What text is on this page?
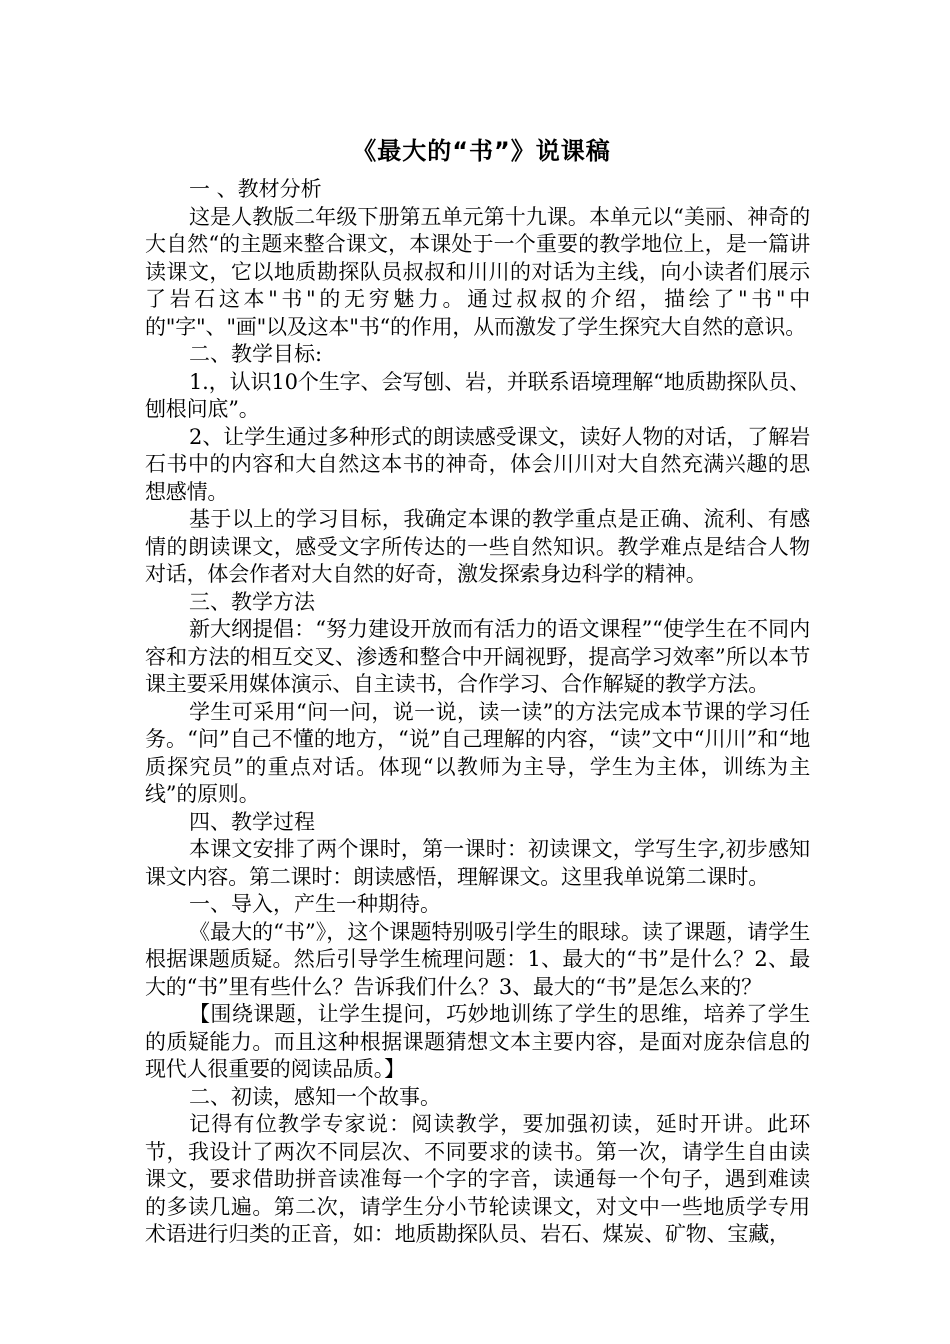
《最大的“书”》说课稿

一 、教材分析

这是人教版二年级下册第五单元第十九课。本单元以“美丽、神奇的大自然“的主题来整合课文，本课处于一个重要的教学地位上，是一篇讲读课文，它以地质勘探队员叔叔和川川的对话为主线，向小读者们展示了岩石这本"书"的无穷魅力。通过叔叔的介绍，描绘了"书"中的"字"、"画"以及这本"书“的作用，从而激发了学生探究大自然的意识。

二、教学目标:

1.，认识10个生字、会写刨、岩，并联系语境理解“地质勘探队员、刨根问底”。

2、让学生通过多种形式的朗读感受课文，读好人物的对话，了解岩石书中的内容和大自然这本书的神奇，体会川川对大自然充满兴趣的思想感情。

基于以上的学习目标，我确定本课的教学重点是正确、流利、有感情的朗读课文，感受文字所传达的一些自然知识。教学难点是结合人物对话，体会作者对大自然的好奇，激发探索身边科学的精神。

三、教学方法

新大纲提倡：“努力建设开放而有活力的语文课程”“使学生在不同内容和方法的相互交叉、渗透和整合中开阔视野，提高学习效率”所以本节课主要采用媒体演示、自主读书，合作学习、合作解疑的教学方法。

学生可采用“问一问，说一说，读一读”的方法完成本节课的学习任务。“问”自己不懂的地方，“说”自己理解的内容，“读”文中“川川”和“地质探究员”的重点对话。体现“以教师为主导，学生为主体，训练为主线”的原则。

四、教学过程

本课文安排了两个课时，第一课时：初读课文，学写生字,初步感知课文内容。第二课时：朗读感悟，理解课文。这里我单说第二课时。

一、导入，产生一种期待。

《最大的“书”》，这个课题特别吸引学生的眼球。读了课题，请学生根据课题质疑。然后引导学生梳理问题：1、最大的“书”是什么？2、最大的“书”里有些什么？告诉我们什么？3、最大的“书”是怎么来的？

【围绕课题，让学生提问，巧妙地训练了学生的思维，培养了学生的质疑能力。而且这种根据课题猜想文本主要内容，是面对庞杂信息的现代人很重要的阅读品质。】

二、初读，感知一个故事。

记得有位教学专家说：阅读教学，要加强初读，延时开讲。此环节，我设计了两次不同层次、不同要求的读书。第一次，请学生自由读课文，要求借助拼音读准每一个字的字音，读通每一个句子，遇到难读的多读几遍。第二次，请学生分小节轮读课文，对文中一些地质学专用术语进行归类的正音，如：地质勘探队员、岩石、煤炭、矿物、宝藏，
